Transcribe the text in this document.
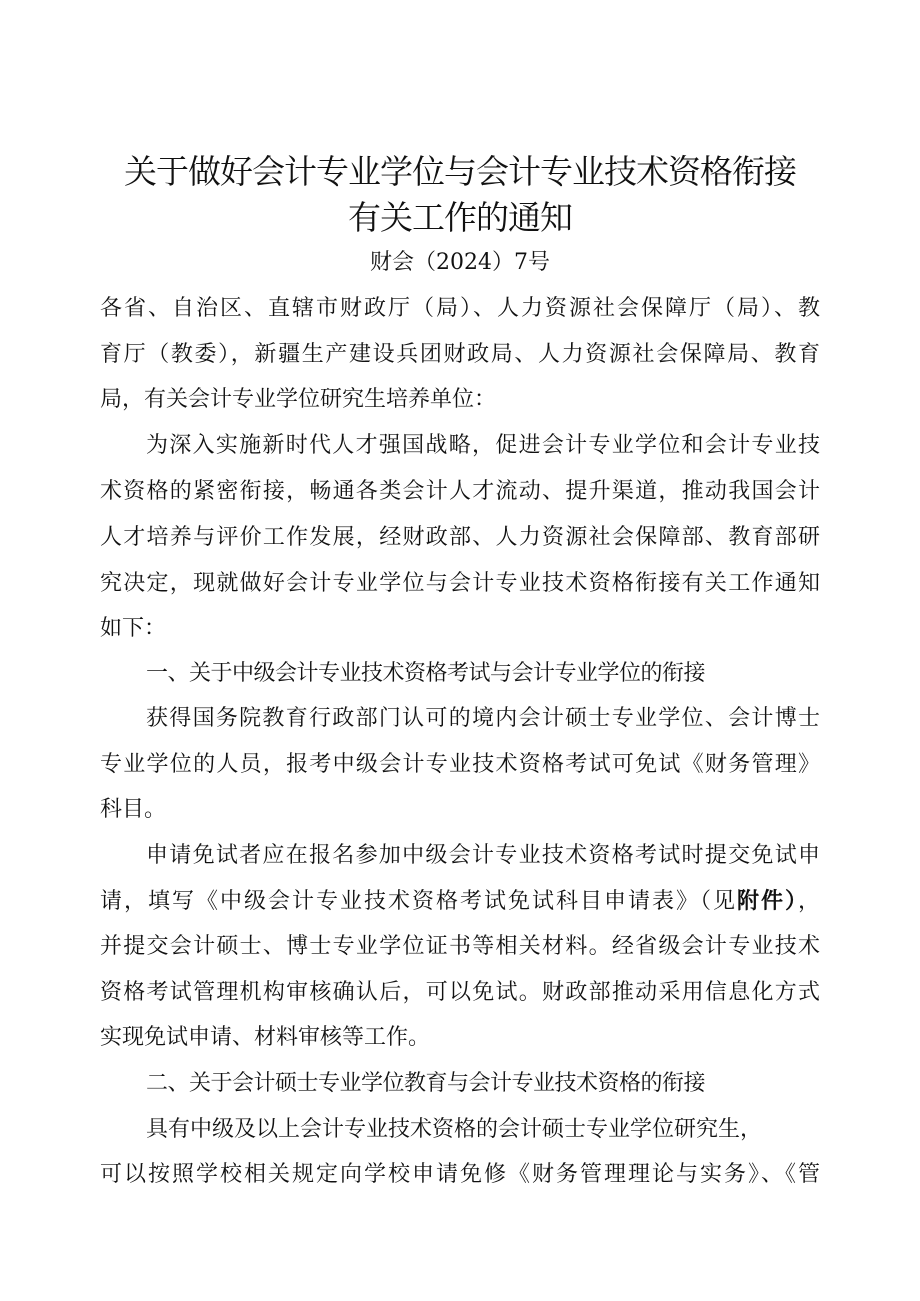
关于做好会计专业学位与会计专业技术资格衔接
有关工作的通知
财会（2024）7号
各省、自治区、直辖市财政厅（局）、人力资源社会保障厅（局）、教
育厅（教委），新疆生产建设兵团财政局、人力资源社会保障局、教育
局，有关会计专业学位研究生培养单位：
为深入实施新时代人才强国战略，促进会计专业学位和会计专业技
术资格的紧密衔接，畅通各类会计人才流动、提升渠道，推动我国会计
人才培养与评价工作发展，经财政部、人力资源社会保障部、教育部研
究决定，现就做好会计专业学位与会计专业技术资格衔接有关工作通知
如下：
一、关于中级会计专业技术资格考试与会计专业学位的衔接
获得国务院教育行政部门认可的境内会计硕士专业学位、会计博士
专业学位的人员，报考中级会计专业技术资格考试可免试《财务管理》
科目。
申请免试者应在报名参加中级会计专业技术资格考试时提交免试申
请，填写《中级会计专业技术资格考试免试科目申请表》（见附件），
并提交会计硕士、博士专业学位证书等相关材料。经省级会计专业技术
资格考试管理机构审核确认后，可以免试。财政部推动采用信息化方式
实现免试申请、材料审核等工作。
二、关于会计硕士专业学位教育与会计专业技术资格的衔接
具有中级及以上会计专业技术资格的会计硕士专业学位研究生，
可以按照学校相关规定向学校申请免修《财务管理理论与实务》、《管
